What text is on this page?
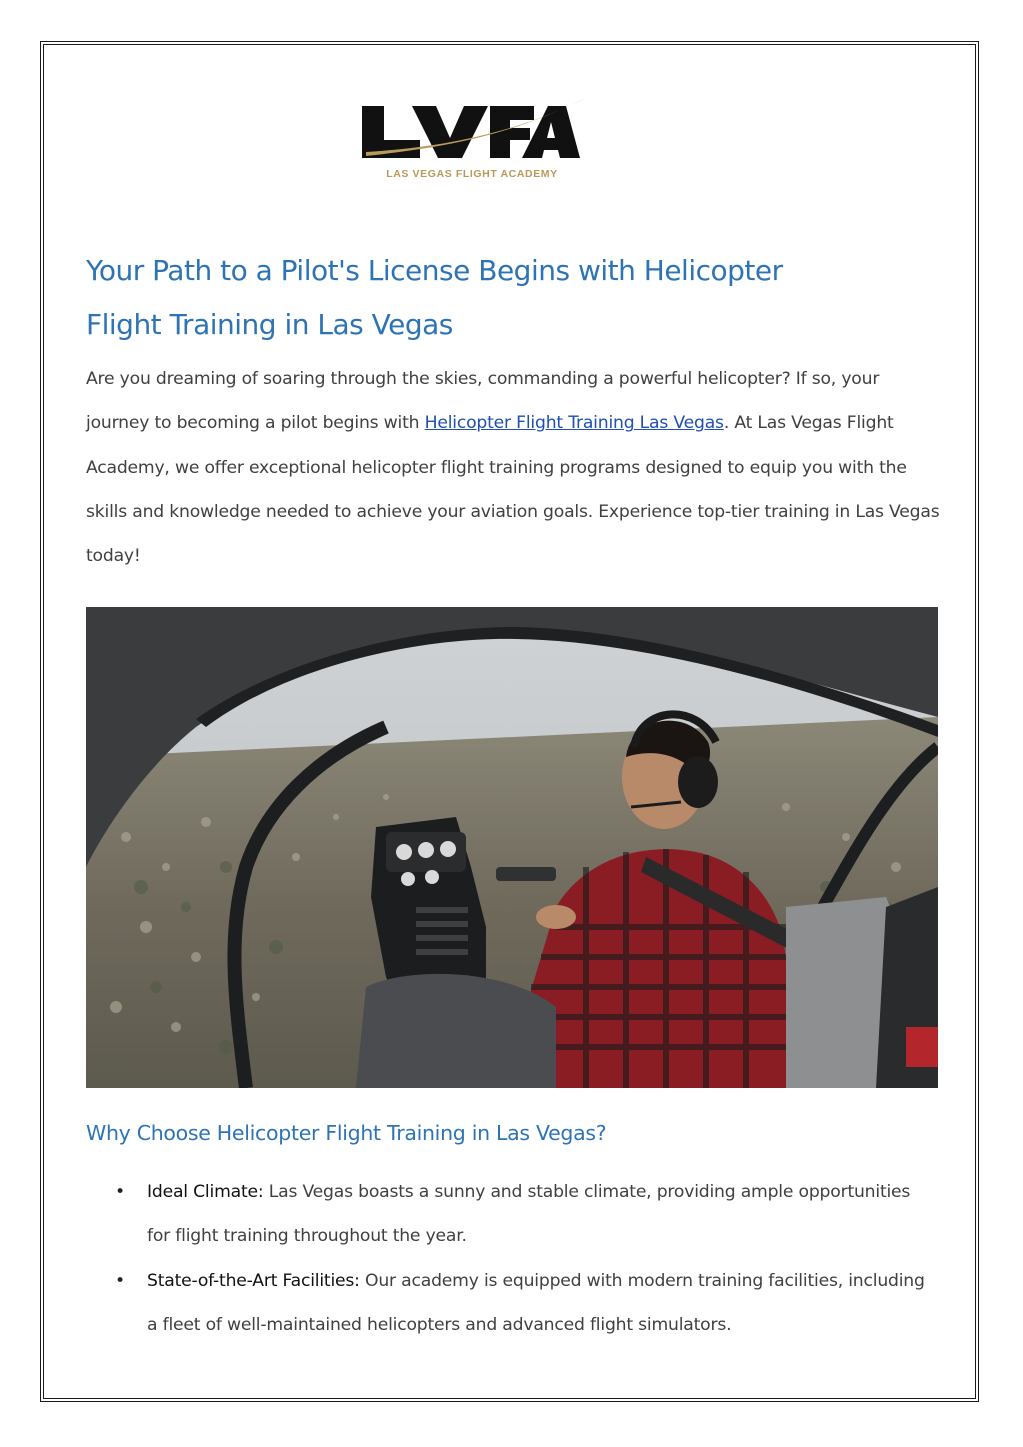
LAS VEGAS FLIGHT ACADEMY
Your Path to a Pilot's License Begins with Helicopter
Flight Training in Las Vegas

Are you dreaming of soaring through the skies, commanding a powerful helicopter? If so, your journey to becoming a pilot begins with Helicopter Flight Training Las Vegas. At Las Vegas Flight Academy, we offer exceptional helicopter flight training programs designed to equip you with the skills and knowledge needed to achieve your aviation goals. Experience top-tier training in Las Vegas today!

Why Choose Helicopter Flight Training in Las Vegas?
• Ideal Climate: Las Vegas boasts a sunny and stable climate, providing ample opportunities for flight training throughout the year.
• State-of-the-Art Facilities: Our academy is equipped with modern training facilities, including a fleet of well-maintained helicopters and advanced flight simulators.
